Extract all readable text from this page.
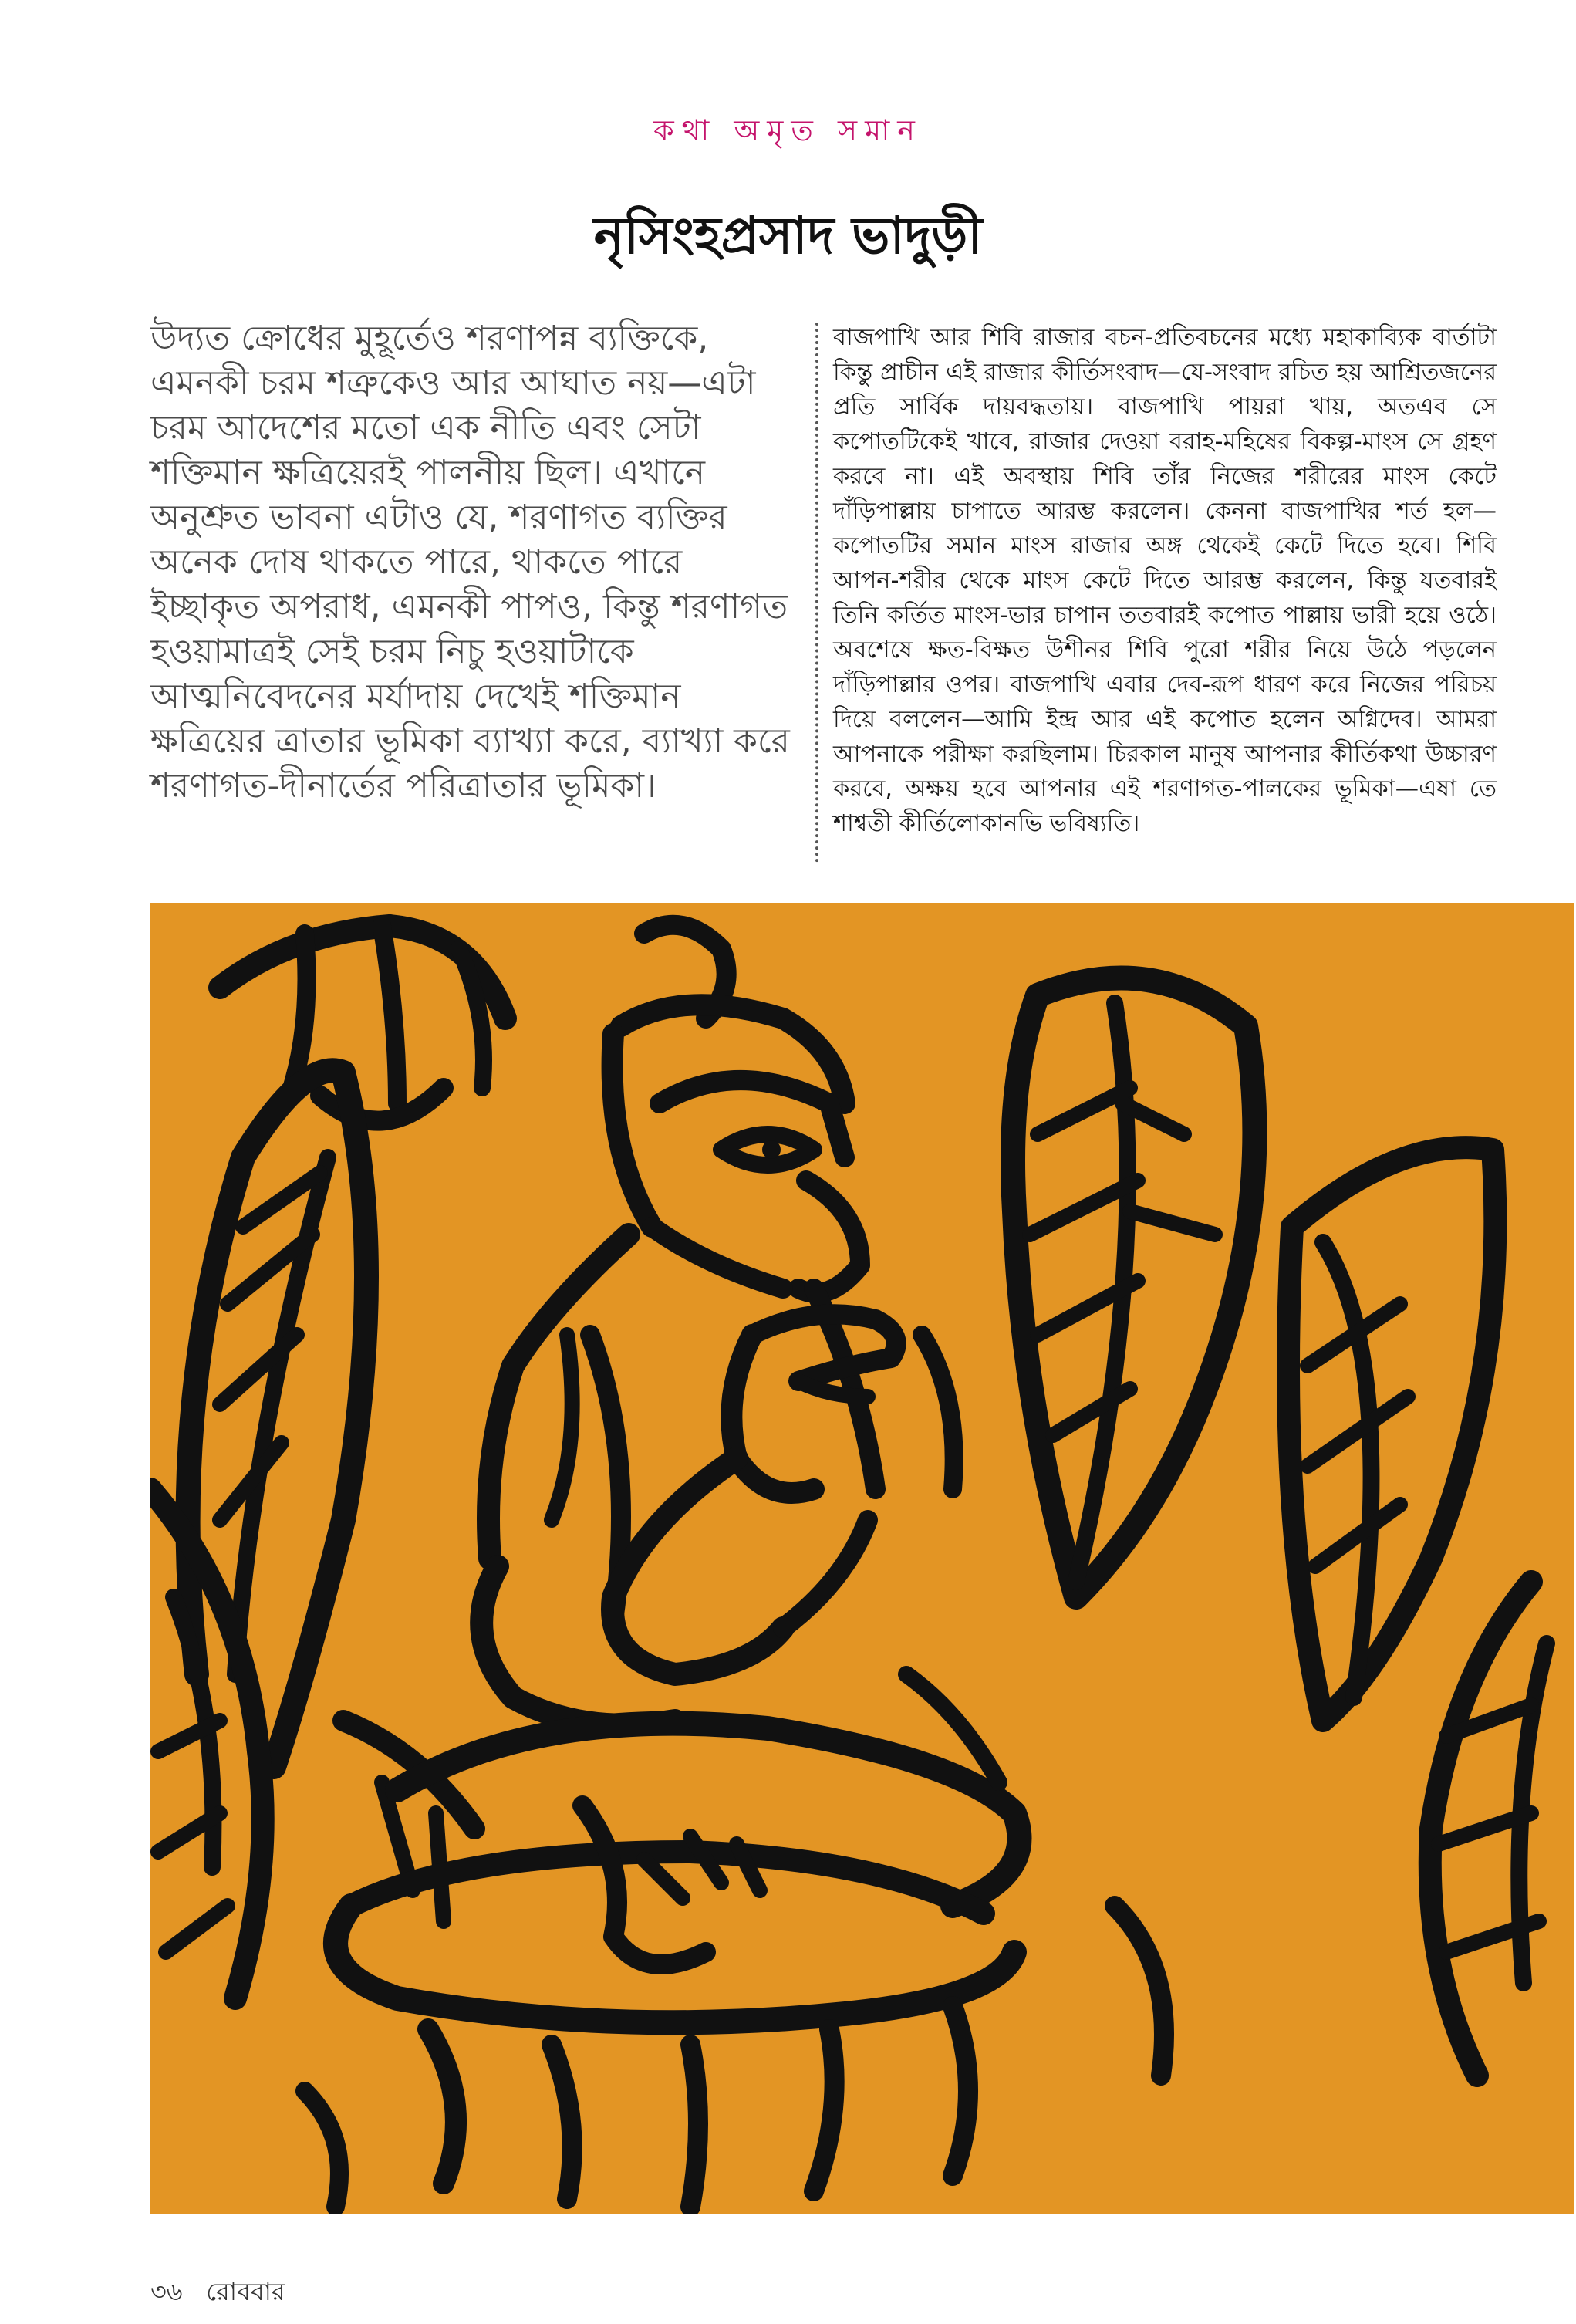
কথা অমৃত সমান
নৃসিংহপ্রসাদ ভাদুড়ী
উদ্যত ক্রোধের মুহূর্তেও শরণাপন্ন ব্যক্তিকে, এমনকী চরম শত্রুকেও আর আঘাত নয়—এটা চরম আদেশের মতো এক নীতি এবং সেটা শক্তিমান ক্ষত্রিয়েরই পালনীয় ছিল। এখানে অনুশ্রুত ভাবনা এটাও যে, শরণাগত ব্যক্তির অনেক দোষ থাকতে পারে, থাকতে পারে ইচ্ছাকৃত অপরাধ, এমনকী পাপও, কিন্তু শরণাগত হওয়ামাত্রই সেই চরম নিচু হওয়াটাকে আত্মনিবেদনের মর্যাদায় দেখেই শক্তিমান ক্ষত্রিয়ের ত্রাতার ভূমিকা ব্যাখ্যা করে, ব্যাখ্যা করে শরণাগত-দীনার্তের পরিত্রাতার ভূমিকা।
বাজপাখি আর শিবি রাজার বচন-প্রতিবচনের মধ্যে মহাকাব্যিক বার্তাটা কিন্তু প্রাচীন এই রাজার কীর্তিসংবাদ—যে-সংবাদ রচিত হয় আশ্রিতজনের প্রতি সার্বিক দায়বদ্ধতায়। বাজপাখি পায়রা খায়, অতএব সে কপোতটিকেই খাবে, রাজার দেওয়া বরাহ-মহিষের বিকল্প-মাংস সে গ্রহণ করবে না। এই অবস্থায় শিবি তাঁর নিজের শরীরের মাংস কেটে দাঁড়িপাল্লায় চাপাতে আরম্ভ করলেন। কেননা বাজপাখির শর্ত হল—কপোতটির সমান মাংস রাজার অঙ্গ থেকেই কেটে দিতে হবে। শিবি আপন-শরীর থেকে মাংস কেটে দিতে আরম্ভ করলেন, কিন্তু যতবারই তিনি কর্তিত মাংস-ভার চাপান ততবারই কপোত পাল্লায় ভারী হয়ে ওঠে। অবশেষে ক্ষত-বিক্ষত উশীনর শিবি পুরো শরীর নিয়ে উঠে পড়লেন দাঁড়িপাল্লার ওপর। বাজপাখি এবার দেব-রূপ ধারণ করে নিজের পরিচয় দিয়ে বললেন—আমি ইন্দ্র আর এই কপোত হলেন অগ্নিদেব। আমরা আপনাকে পরীক্ষা করছিলাম। চিরকাল মানুষ আপনার কীর্তিকথা উচ্চারণ করবে, অক্ষয় হবে আপনার এই শরণাগত-পালকের ভূমিকা—এষা তে শাশ্বতী কীর্তিলোকানভি ভবিষ্যতি।
৩৬ রোববার
